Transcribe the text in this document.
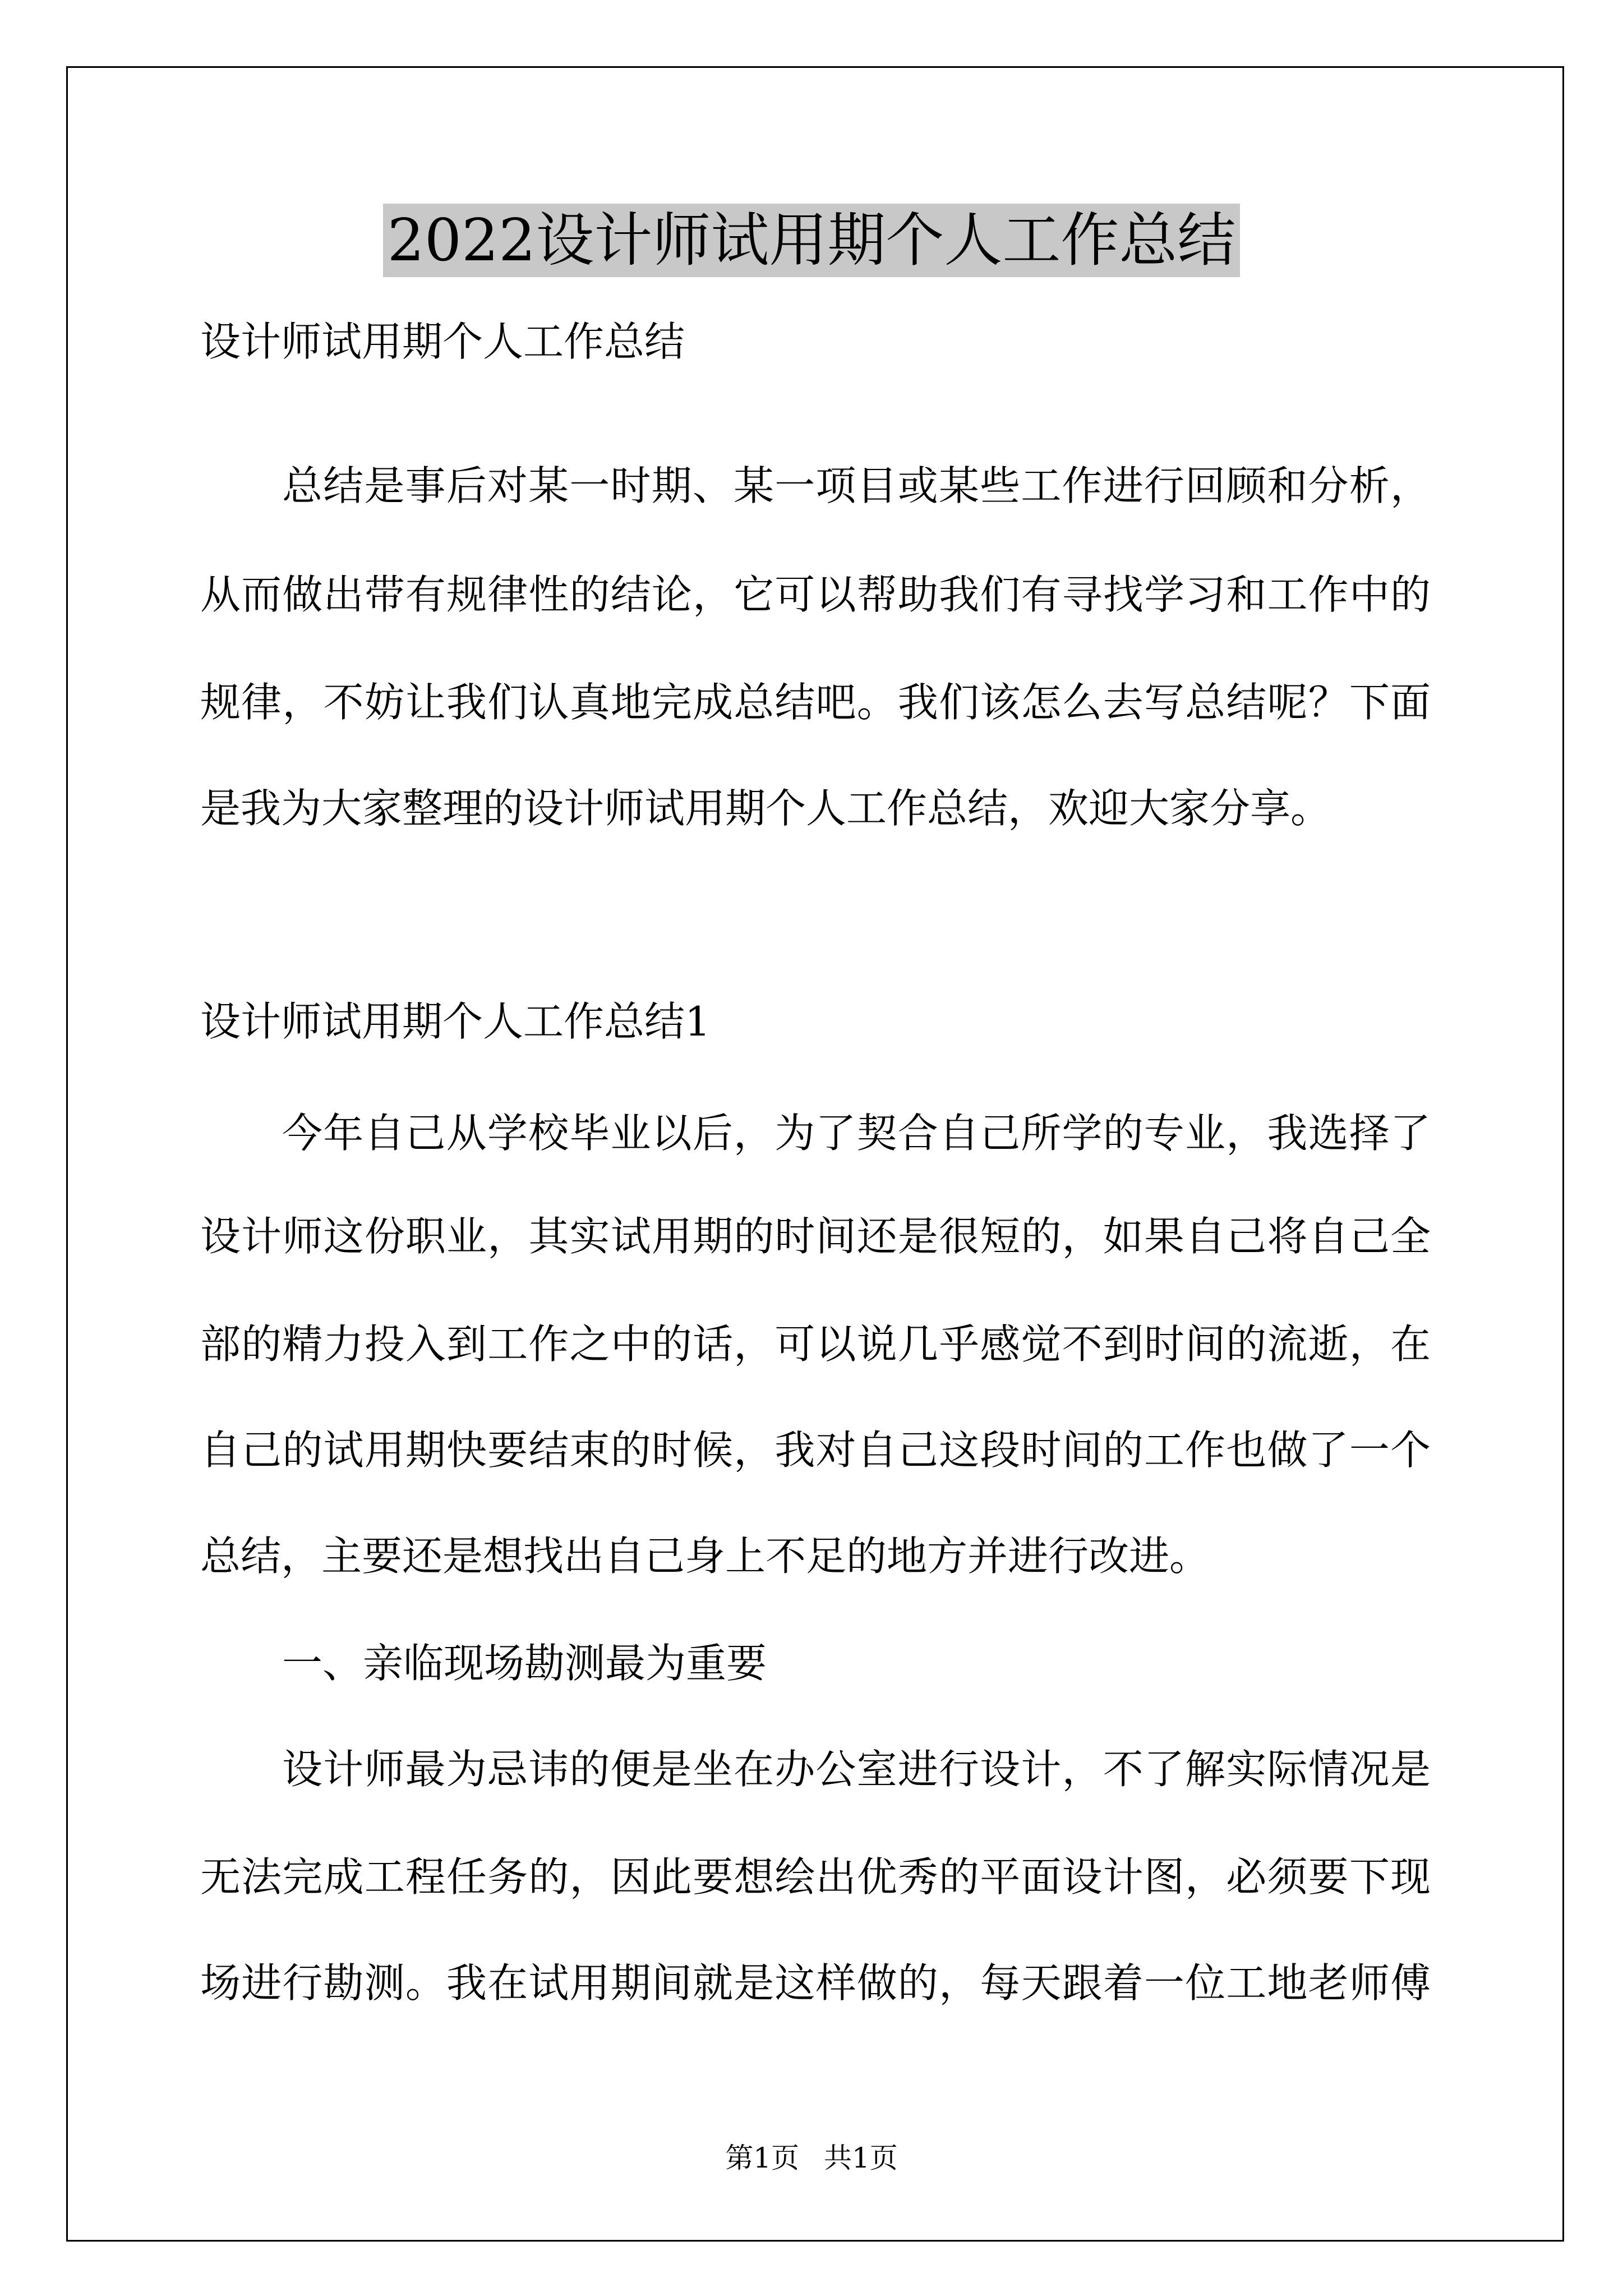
2022设计师试用期个人工作总结
设计师试用期个人工作总结
总结是事后对某一时期、某一项目或某些工作进行回顾和分析，
从而做出带有规律性的结论，它可以帮助我们有寻找学习和工作中的
规律，不妨让我们认真地完成总结吧。我们该怎么去写总结呢？下面
是我为大家整理的设计师试用期个人工作总结，欢迎大家分享。
设计师试用期个人工作总结1
今年自己从学校毕业以后，为了契合自己所学的专业，我选择了
设计师这份职业，其实试用期的时间还是很短的，如果自己将自己全
部的精力投入到工作之中的话，可以说几乎感觉不到时间的流逝，在
自己的试用期快要结束的时候，我对自己这段时间的工作也做了一个
总结，主要还是想找出自己身上不足的地方并进行改进。
一、亲临现场勘测最为重要
设计师最为忌讳的便是坐在办公室进行设计，不了解实际情况是
无法完成工程任务的，因此要想绘出优秀的平面设计图，必须要下现
场进行勘测。我在试用期间就是这样做的，每天跟着一位工地老师傅
第1页 共1页
